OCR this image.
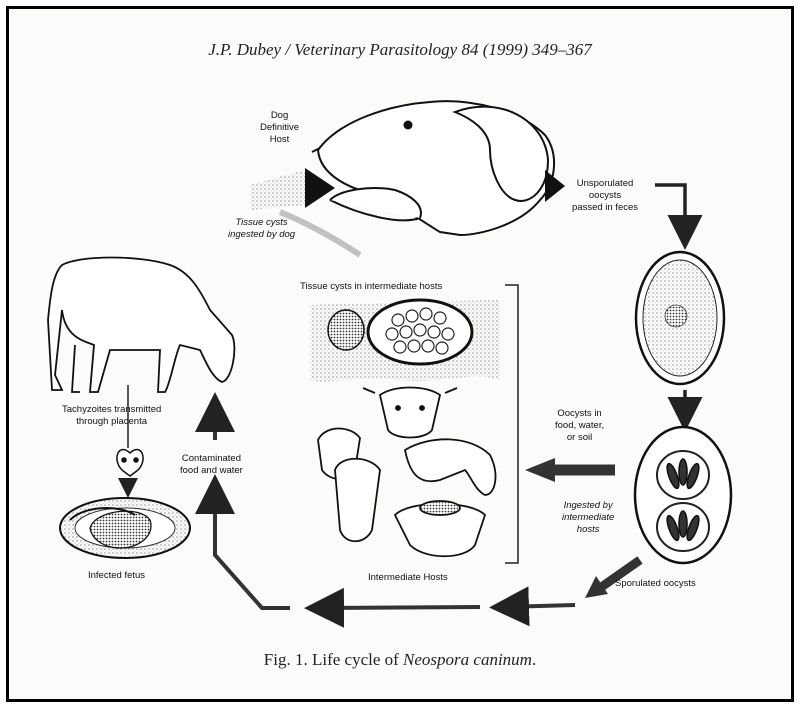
J.P. Dubey / Veterinary Parasitology 84 (1999) 349–367
Dog
Definitive
Host
Unsporulated
oocysts
passed in feces
Tissue cysts
ingested by dog
Tissue cysts in intermediate hosts
Oocysts in
food, water,
or soil
Ingested by
intermediate
hosts
Sporulated oocysts
Intermediate Hosts
Tachyzoites transmitted
through placenta
Contaminated
food and water
Infected fetus
Fig. 1. Life cycle of Neospora caninum.
